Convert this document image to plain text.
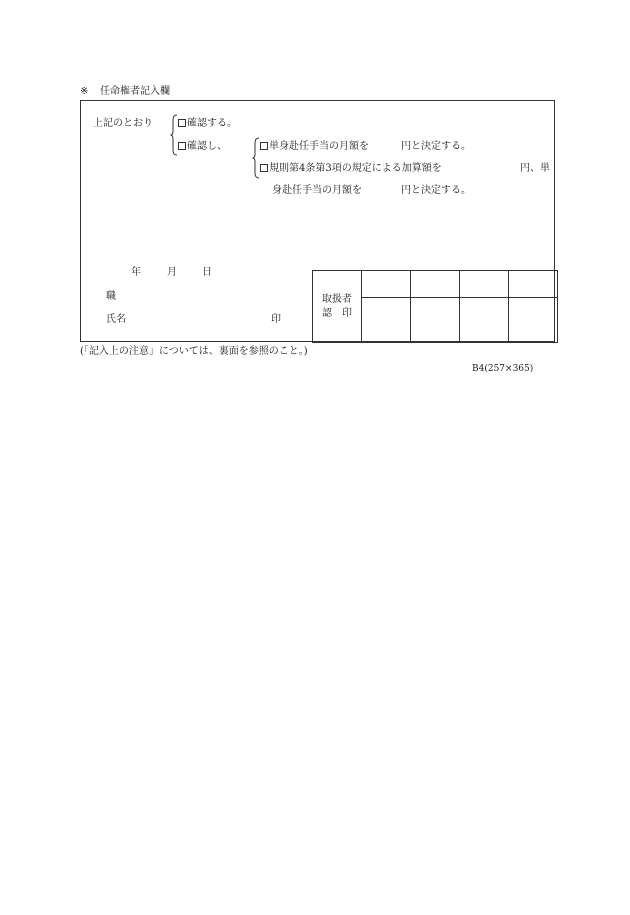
※ 任命権者記入欄
上記のとおり	確認する。
確認し、	単身赴任手当の月額を	円と決定する。
規則第4条第3項の規定による加算額を	円、単
身赴任手当の月額を	円と決定する。
年	月	日
職
氏名	印
取扱者
認　印				

(「記入上の注意」については、裏面を参照のこと。)
B4(257×365)
